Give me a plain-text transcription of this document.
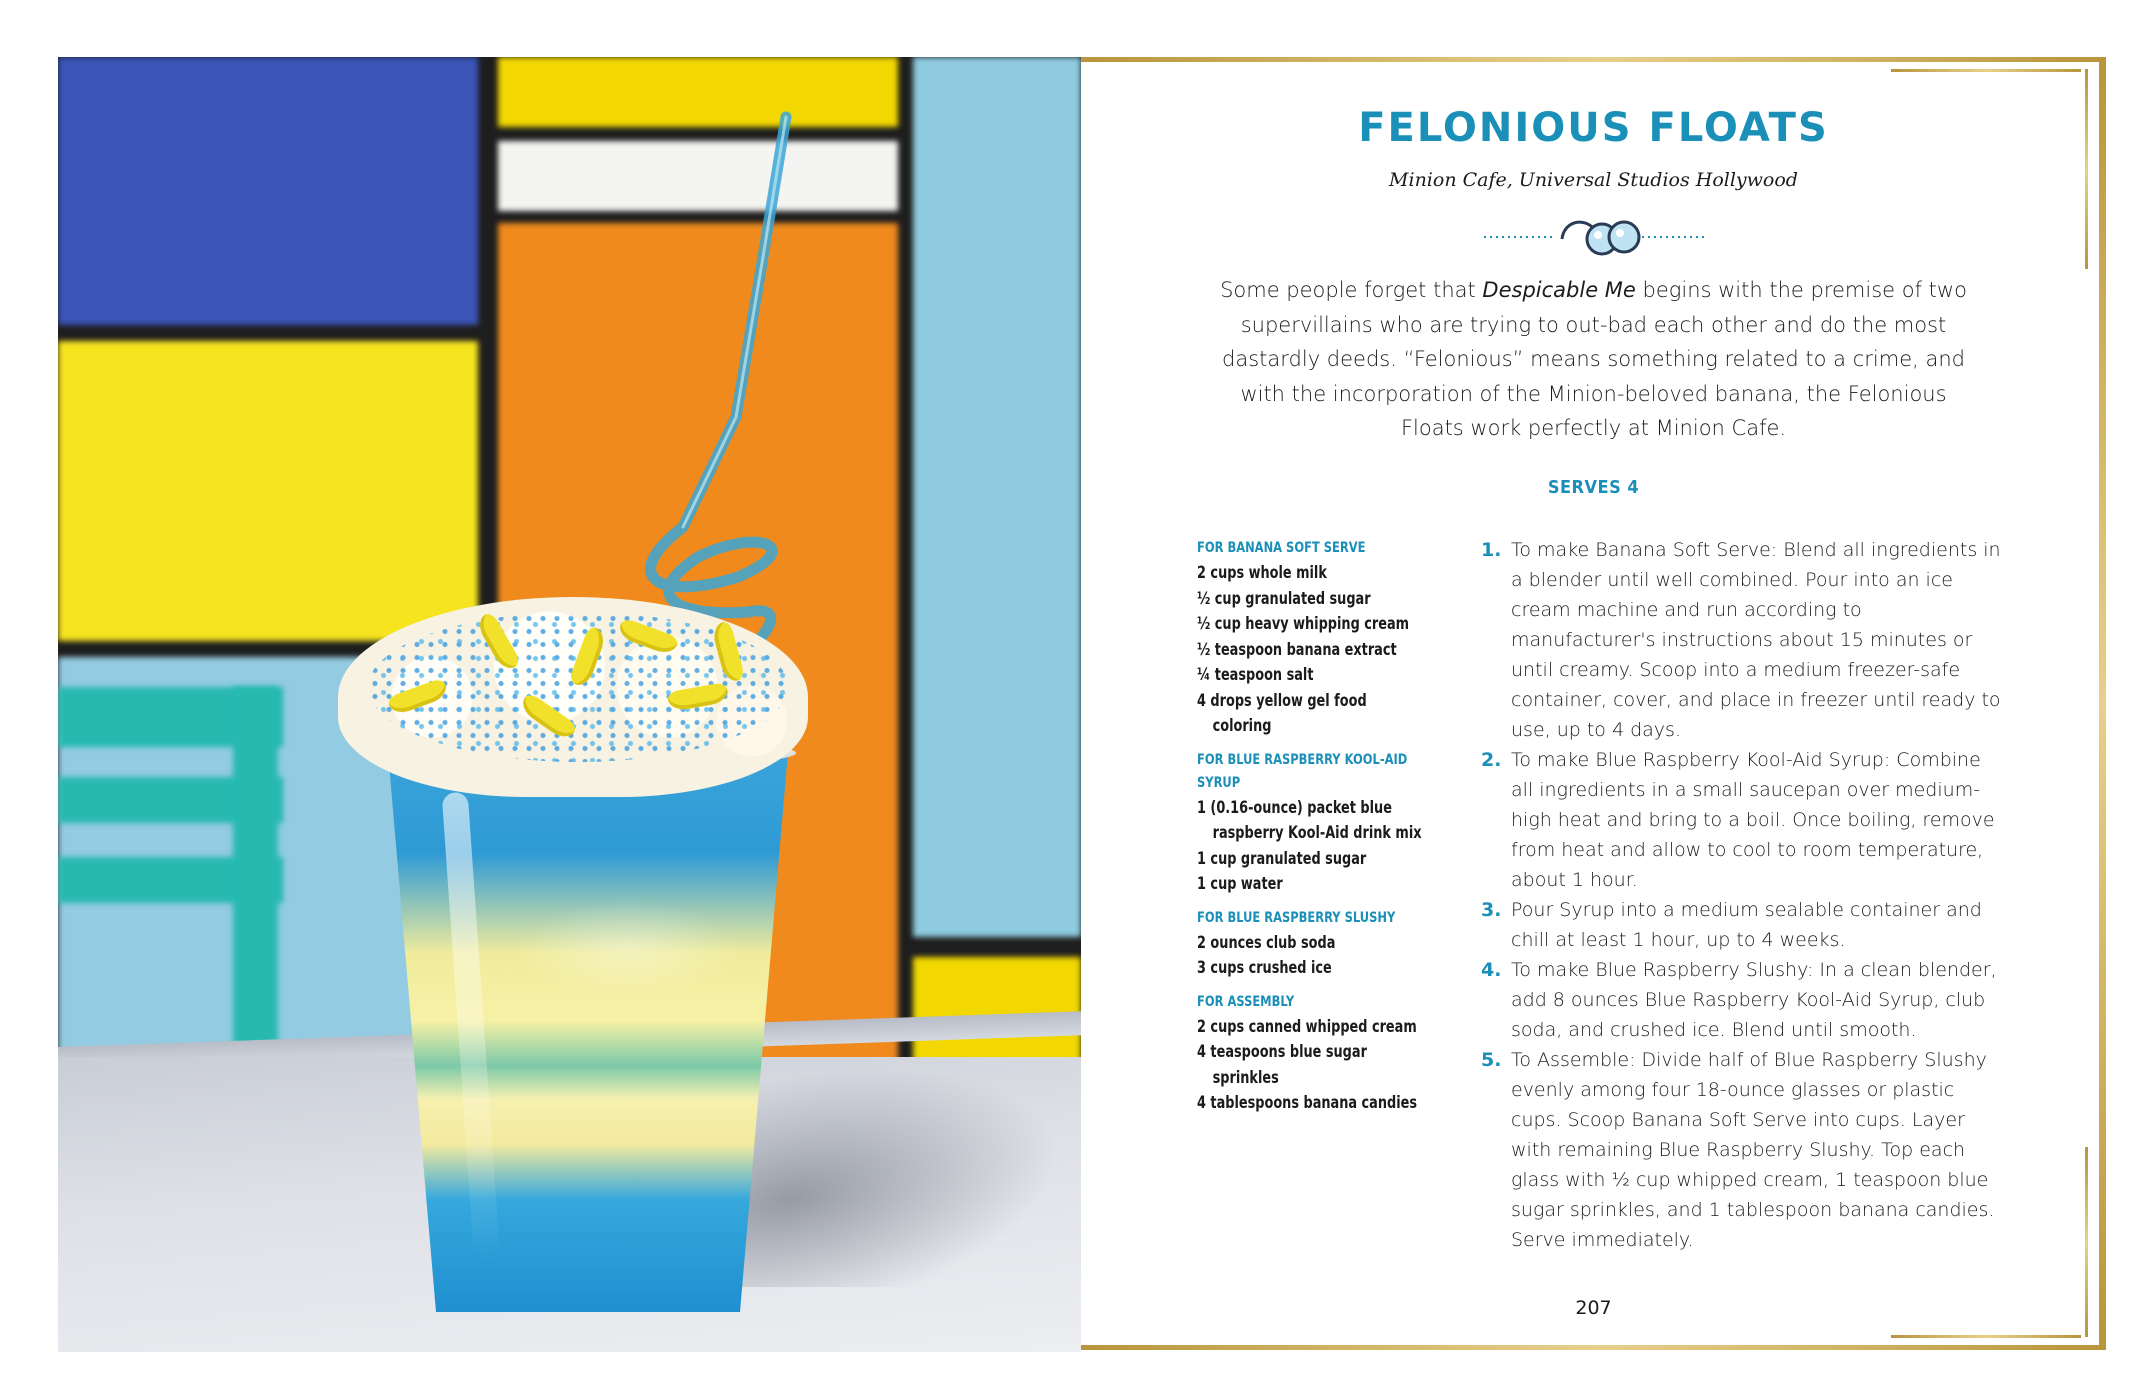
FELONIOUS FLOATS
Minion Cafe, Universal Studios Hollywood

Some people forget that Despicable Me begins with the premise of two supervillains who are trying to out-bad each other and do the most dastardly deeds. “Felonious” means something related to a crime, and with the incorporation of the Minion-beloved banana, the Felonious Floats work perfectly at Minion Cafe.

SERVES 4
FOR BANANA SOFT SERVE
2 cups whole milk
½ cup granulated sugar
½ cup heavy whipping cream
½ teaspoon banana extract
¼ teaspoon salt
4 drops yellow gel food coloring
FOR BLUE RASPBERRY KOOL-AID SYRUP
1 (0.16-ounce) packet blue raspberry Kool-Aid drink mix
1 cup granulated sugar
1 cup water
FOR BLUE RASPBERRY SLUSHY
2 ounces club soda
3 cups crushed ice
FOR ASSEMBLY
2 cups canned whipped cream
4 teaspoons blue sugar sprinkles
4 tablespoons banana candies
1. To make Banana Soft Serve: Blend all ingredients in a blender until well combined. Pour into an ice cream machine and run according to manufacturer's instructions about 15 minutes or until creamy. Scoop into a medium freezer-safe container, cover, and place in freezer until ready to use, up to 4 days.
2. To make Blue Raspberry Kool-Aid Syrup: Combine all ingredients in a small saucepan over medium-high heat and bring to a boil. Once boiling, remove from heat and allow to cool to room temperature, about 1 hour.
3. Pour Syrup into a medium sealable container and chill at least 1 hour, up to 4 weeks.
4. To make Blue Raspberry Slushy: In a clean blender, add 8 ounces Blue Raspberry Kool-Aid Syrup, club soda, and crushed ice. Blend until smooth.
5. To Assemble: Divide half of Blue Raspberry Slushy evenly among four 18-ounce glasses or plastic cups. Scoop Banana Soft Serve into cups. Layer with remaining Blue Raspberry Slushy. Top each glass with ½ cup whipped cream, 1 teaspoon blue sugar sprinkles, and 1 tablespoon banana candies. Serve immediately.
207
